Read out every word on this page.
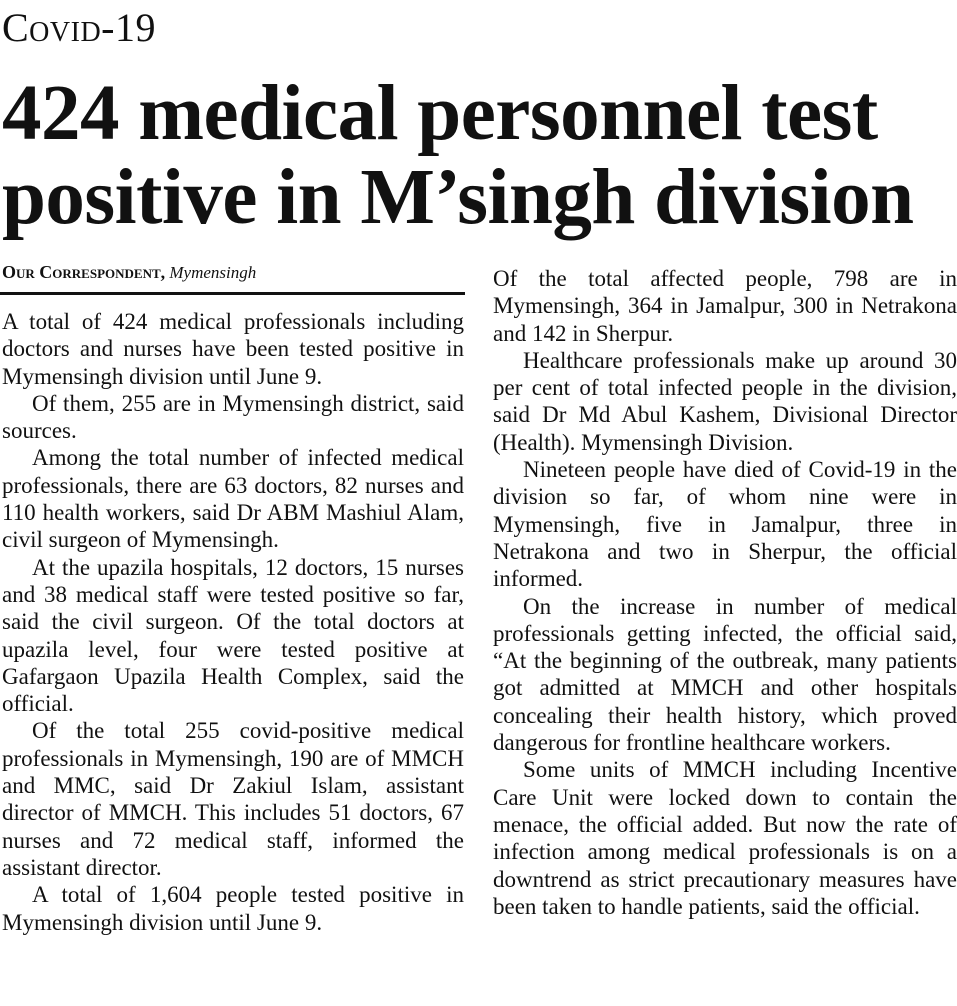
Covid-19
424 medical personnel test
positive in M’singh division
Our Correspondent, Mymensingh

A total of 424 medical professionals including doctors and nurses have been tested positive in Mymensingh division until June 9.

Of them, 255 are in Mymensingh district, said sources.

Among the total number of infected medical professionals, there are 63 doctors, 82 nurses and 110 health workers, said Dr ABM Mashiul Alam, civil surgeon of Mymensingh.

At the upazila hospitals, 12 doctors, 15 nurses and 38 medical staff were tested positive so far, said the civil surgeon. Of the total doctors at upazila level, four were tested positive at Gafargaon Upazila Health Complex, said the official.

Of the total 255 covid-positive medical professionals in Mymensingh, 190 are of MMCH and MMC, said Dr Zakiul Islam, assistant director of MMCH. This includes 51 doctors, 67 nurses and 72 medical staff, informed the assistant director.

A total of 1,604 people tested positive in Mymensingh division until June 9.

Of the total affected people, 798 are in Mymensingh, 364 in Jamalpur, 300 in Netrakona and 142 in Sherpur.

Healthcare professionals make up around 30 per cent of total infected people in the division, said Dr Md Abul Kashem, Divisional Director (Health). Mymensingh Division.

Nineteen people have died of Covid-19 in the division so far, of whom nine were in Mymensingh, five in Jamalpur, three in Netrakona and two in Sherpur, the official informed.

On the increase in number of medical professionals getting infected, the official said, “At the beginning of the outbreak, many patients got admitted at MMCH and other hospitals concealing their health history, which proved dangerous for frontline healthcare workers.

Some units of MMCH including Incentive Care Unit were locked down to contain the menace, the official added. But now the rate of infection among medical professionals is on a downtrend as strict precautionary measures have been taken to handle patients, said the official.
